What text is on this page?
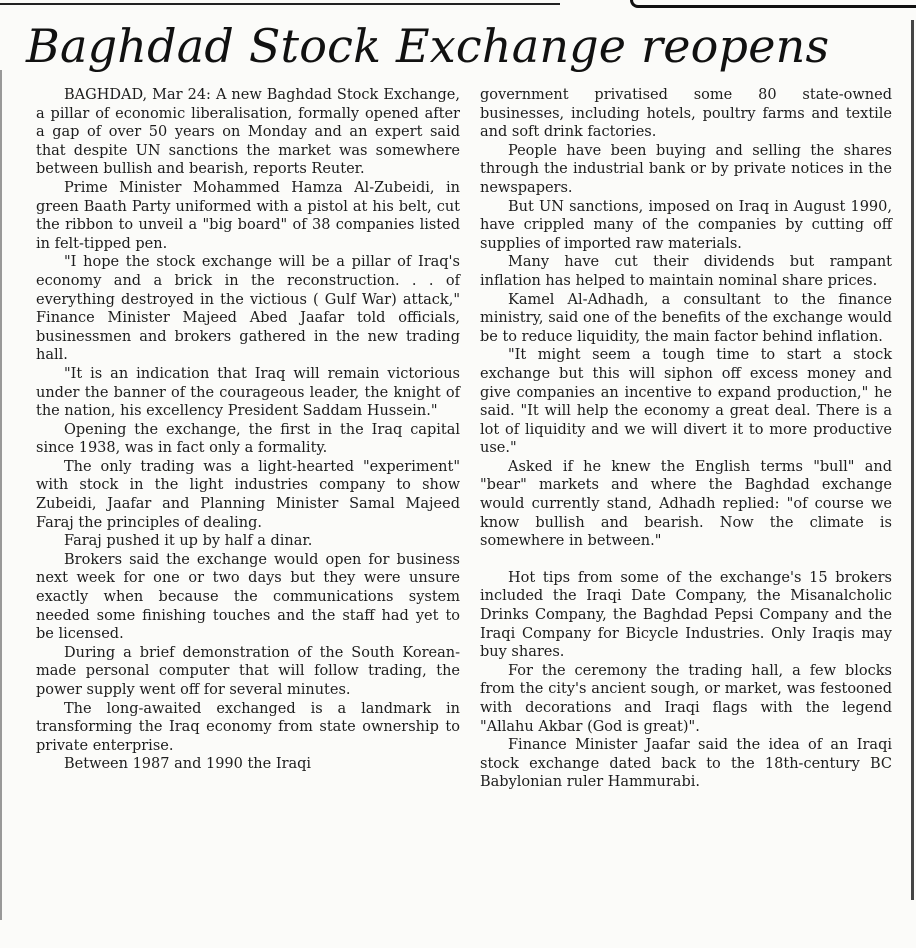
Baghdad Stock Exchange reopens

BAGHDAD, Mar 24: A new Baghdad Stock Exchange, a pillar of economic liberalisation, formally opened after a gap of over 50 years on Monday and an expert said that despite UN sanctions the market was somewhere between bullish and bearish, reports Reuter.

Prime Minister Mohammed Hamza Al-Zubeidi, in green Baath Party uniformed with a pistol at his belt, cut the ribbon to unveil a "big board" of 38 companies listed in felt-tipped pen.

"I hope the stock exchange will be a pillar of Iraq's economy and a brick in the reconstruction. . . of everything destroyed in the victious ( Gulf War) attack," Finance Minister Majeed Abed Jaafar told officials, businessmen and brokers gathered in the new trading hall.

"It is an indication that Iraq will remain victorious under the banner of the courageous leader, the knight of the nation, his excellency President Saddam Hussein."

Opening the exchange, the first in the Iraq capital since 1938, was in fact only a formality.

The only trading was a light-hearted "experiment" with stock in the light industries company to show Zubeidi, Jaafar and Planning Minister Samal Majeed Faraj the principles of dealing.

Faraj pushed it up by half a dinar.

Brokers said the exchange would open for business next week for one or two days but they were unsure exactly when because the communications system needed some finishing touches and the staff had yet to be licensed.

During a brief demonstration of the South Korean-made personal computer that will follow trading, the power supply went off for several minutes.

The long-awaited exchanged is a landmark in transforming the Iraq economy from state ownership to private enterprise.

Between 1987 and 1990 the Iraqi

government privatised some 80 state-owned businesses, including hotels, poultry farms and textile and soft drink factories.

People have been buying and selling the shares through the industrial bank or by private notices in the newspapers.

But UN sanctions, imposed on Iraq in August 1990, have crippled many of the companies by cutting off supplies of imported raw materials.

Many have cut their dividends but rampant inflation has helped to maintain nominal share prices.

Kamel Al-Adhadh, a consultant to the finance ministry, said one of the benefits of the exchange would be to reduce liquidity, the main factor behind inflation.

"It might seem a tough time to start a stock exchange but this will siphon off excess money and give companies an incentive to expand production," he said. "It will help the economy a great deal. There is a lot of liquidity and we will divert it to more productive use."

Asked if he knew the English terms "bull" and "bear" markets and where the Baghdad exchange would currently stand, Adhadh replied: "of course we know bullish and bearish. Now the climate is somewhere in between."

Hot tips from some of the exchange's 15 brokers included the Iraqi Date Company, the Misanalcholic Drinks Company, the Baghdad Pepsi Company and the Iraqi Company for Bicycle Industries. Only Iraqis may buy shares.

For the ceremony the trading hall, a few blocks from the city's ancient sough, or market, was festooned with decorations and Iraqi flags with the legend "Allahu Akbar (God is great)".

Finance Minister Jaafar said the idea of an Iraqi stock exchange dated back to the 18th-century BC Babylonian ruler Hammurabi.
